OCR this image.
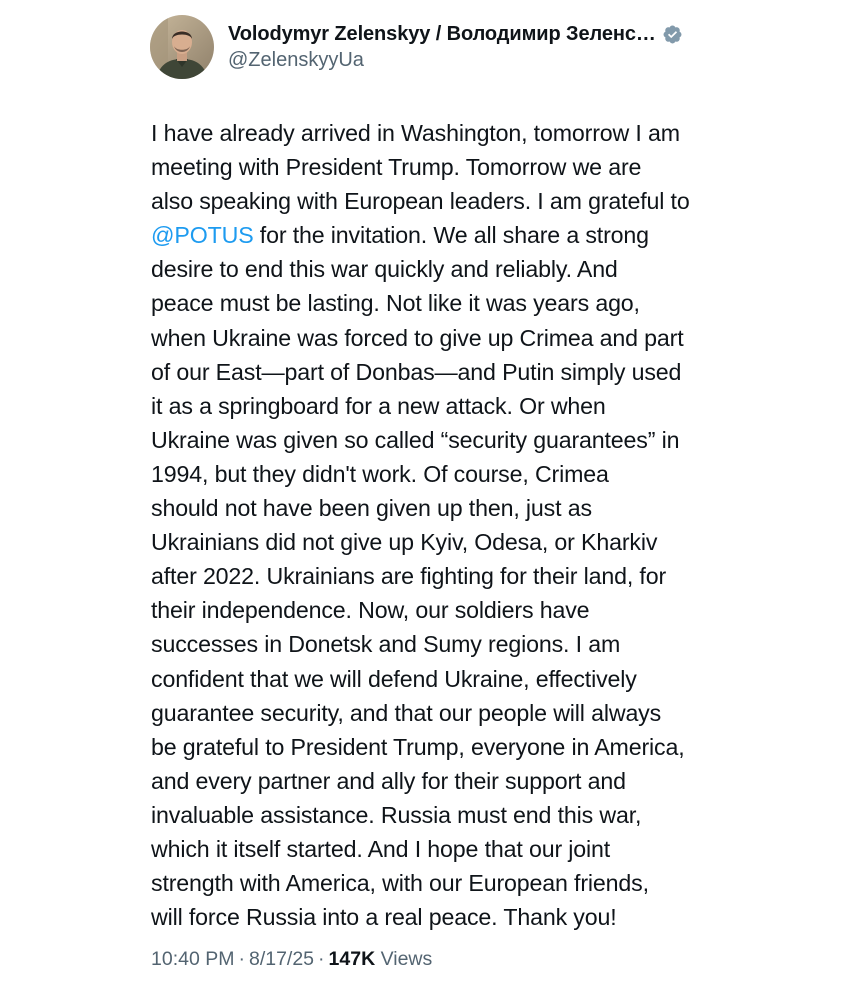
Volodymyr Zelenskyy / Володимир Зеленс…
@ZelenskyyUa
I have already arrived in Washington, tomorrow I am
meeting with President Trump. Tomorrow we are
also speaking with European leaders. I am grateful to
@POTUS for the invitation. We all share a strong
desire to end this war quickly and reliably. And
peace must be lasting. Not like it was years ago,
when Ukraine was forced to give up Crimea and part
of our East—part of Donbas—and Putin simply used
it as a springboard for a new attack. Or when
Ukraine was given so called “security guarantees” in
1994, but they didn't work. Of course, Crimea
should not have been given up then, just as
Ukrainians did not give up Kyiv, Odesa, or Kharkiv
after 2022. Ukrainians are fighting for their land, for
their independence. Now, our soldiers have
successes in Donetsk and Sumy regions. I am
confident that we will defend Ukraine, effectively
guarantee security, and that our people will always
be grateful to President Trump, everyone in America,
and every partner and ally for their support and
invaluable assistance. Russia must end this war,
which it itself started. And I hope that our joint
strength with America, with our European friends,
will force Russia into a real peace. Thank you!
10:40 PM · 8/17/25 · 147K Views
